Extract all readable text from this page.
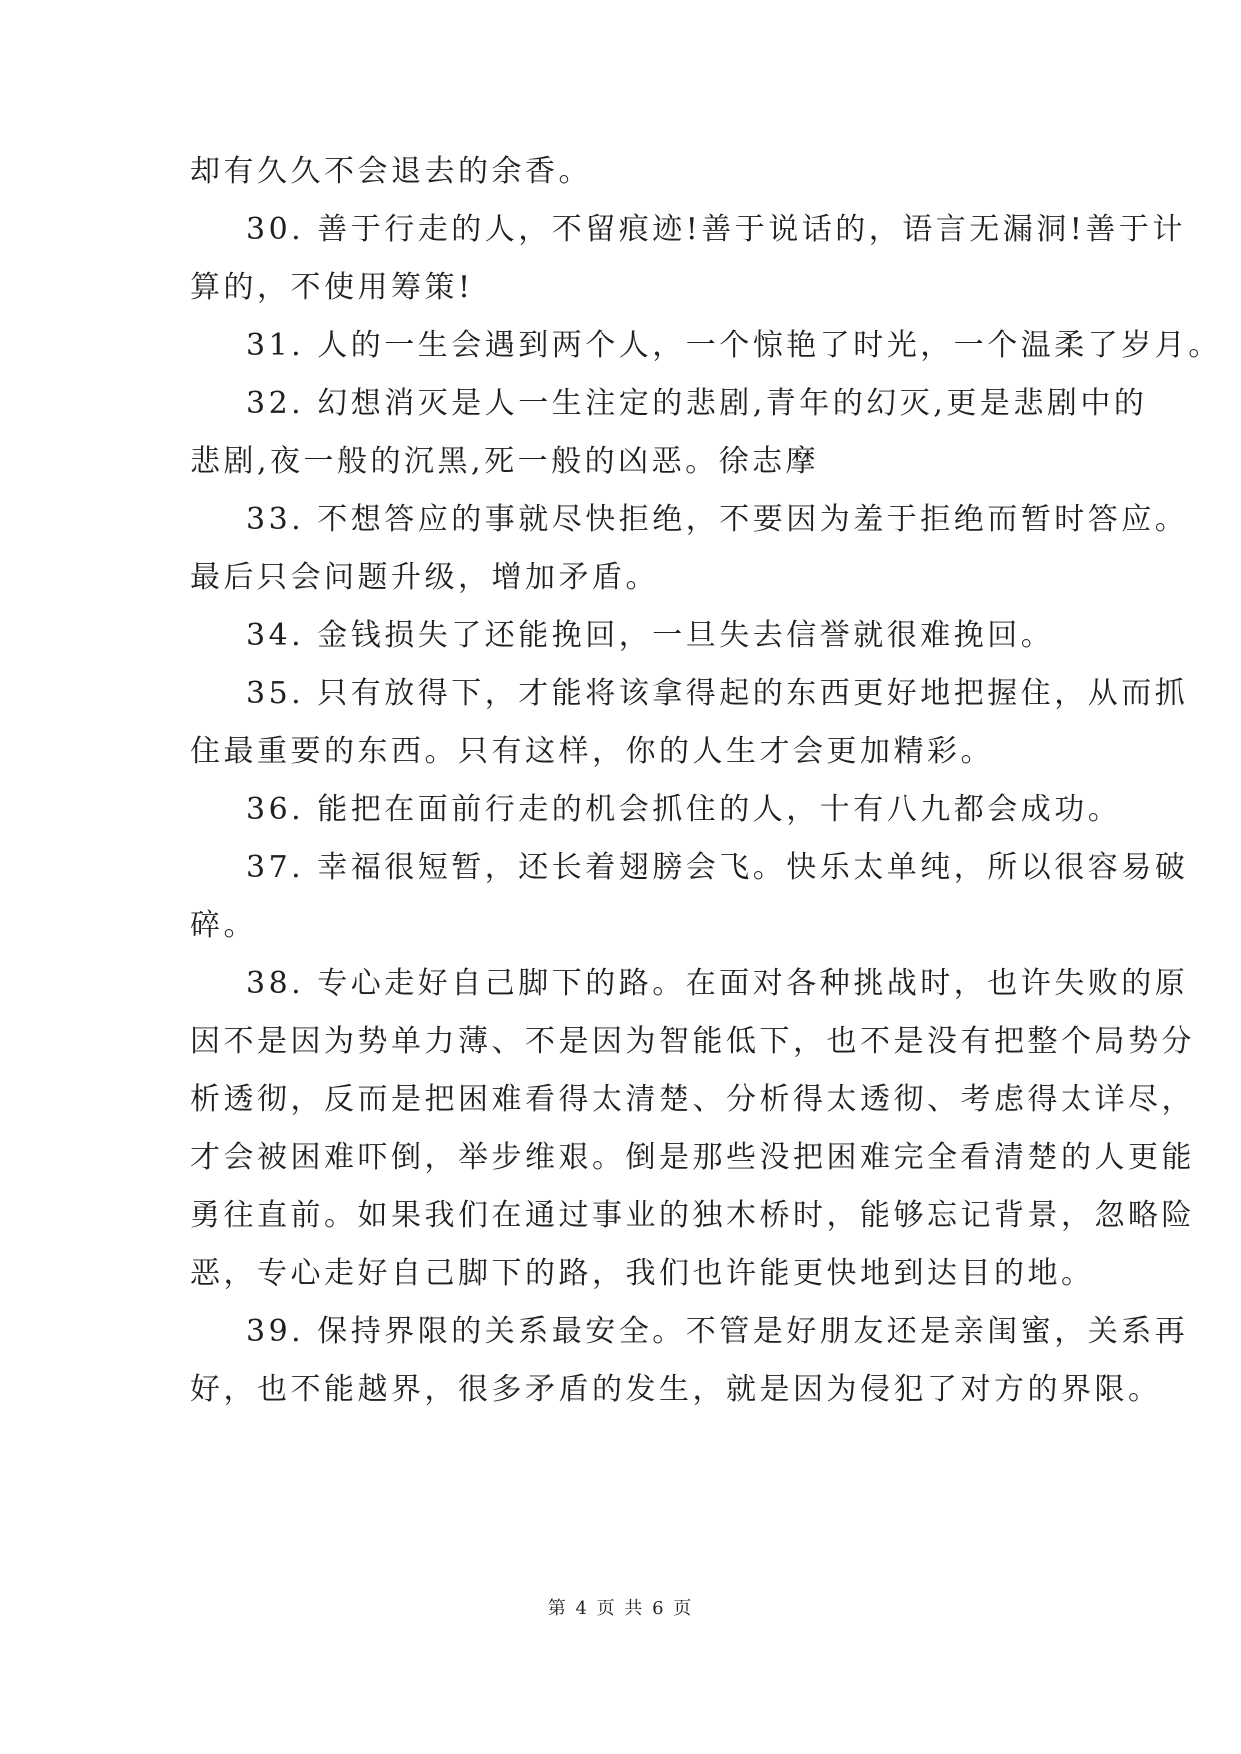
却有久久不会退去的余香。
30. 善于行走的人，不留痕迹!善于说话的，语言无漏洞!善于计
算的，不使用筹策!
31. 人的一生会遇到两个人，一个惊艳了时光，一个温柔了岁月。
32. 幻想消灭是人一生注定的悲剧,青年的幻灭,更是悲剧中的
悲剧,夜一般的沉黑,死一般的凶恶。徐志摩
33. 不想答应的事就尽快拒绝，不要因为羞于拒绝而暂时答应。
最后只会问题升级，增加矛盾。
34. 金钱损失了还能挽回，一旦失去信誉就很难挽回。
35. 只有放得下，才能将该拿得起的东西更好地把握住，从而抓
住最重要的东西。只有这样，你的人生才会更加精彩。
36. 能把在面前行走的机会抓住的人，十有八九都会成功。
37. 幸福很短暂，还长着翅膀会飞。快乐太单纯，所以很容易破
碎。
38. 专心走好自己脚下的路。在面对各种挑战时，也许失败的原
因不是因为势单力薄、不是因为智能低下，也不是没有把整个局势分
析透彻，反而是把困难看得太清楚、分析得太透彻、考虑得太详尽，
才会被困难吓倒，举步维艰。倒是那些没把困难完全看清楚的人更能
勇往直前。如果我们在通过事业的独木桥时，能够忘记背景，忽略险
恶，专心走好自己脚下的路，我们也许能更快地到达目的地。
39. 保持界限的关系最安全。不管是好朋友还是亲闺蜜，关系再
好，也不能越界，很多矛盾的发生，就是因为侵犯了对方的界限。
第 4 页 共 6 页
